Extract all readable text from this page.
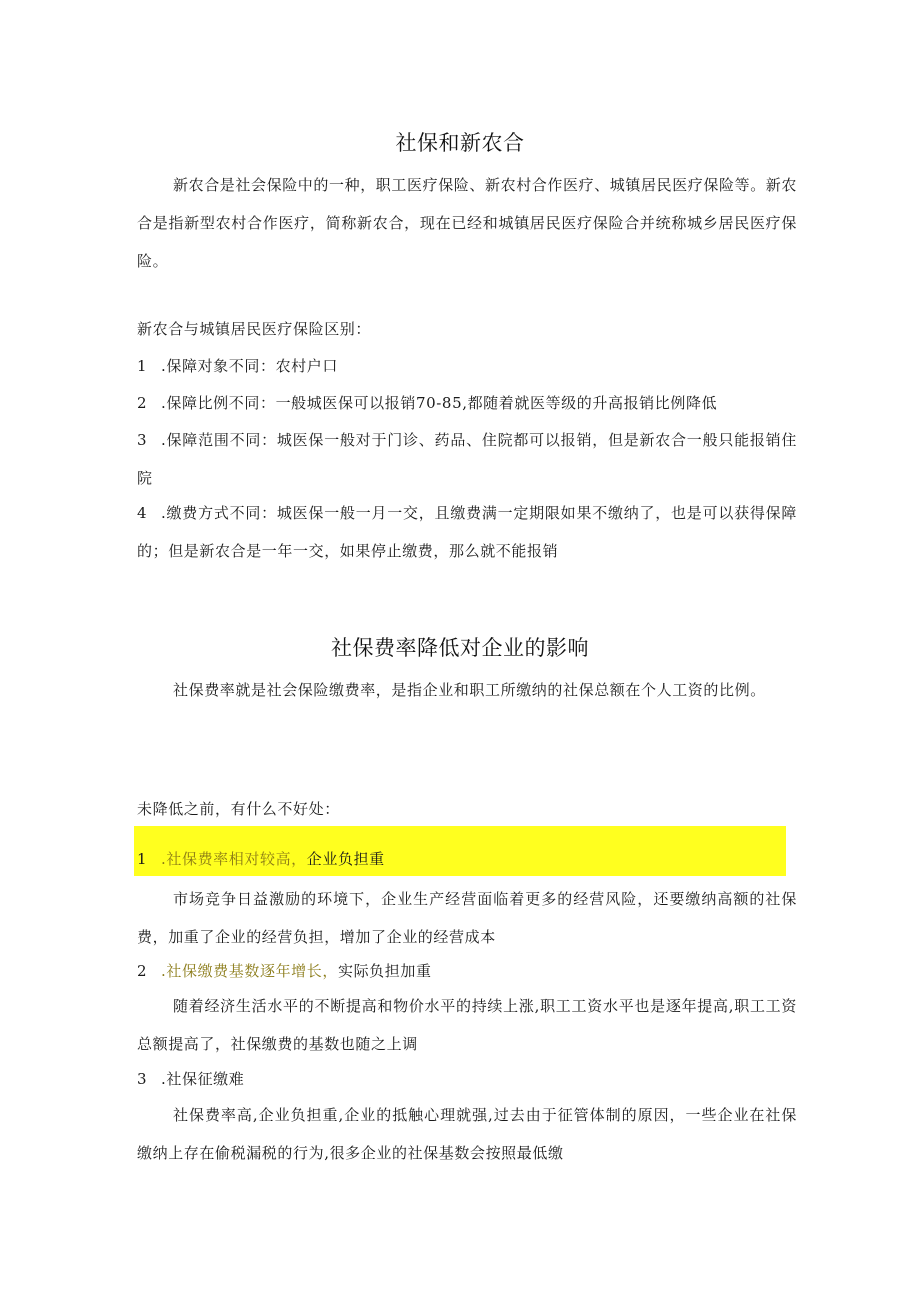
社保和新农合

新农合是社会保险中的一种，职工医疗保险、新农村合作医疗、城镇居民医疗保险等。新农合是指新型农村合作医疗，简称新农合，现在已经和城镇居民医疗保险合并统称城乡居民医疗保险。

新农合与城镇居民医疗保险区别：

1 .保障对象不同：农村户口

2 .保障比例不同：一般城医保可以报销70-85,都随着就医等级的升高报销比例降低

3 .保障范围不同：城医保一般对于门诊、药品、住院都可以报销，但是新农合一般只能报销住院

4 .缴费方式不同：城医保一般一月一交，且缴费满一定期限如果不缴纳了，也是可以获得保障的；但是新农合是一年一交，如果停止缴费，那么就不能报销

社保费率降低对企业的影响

社保费率就是社会保险缴费率，是指企业和职工所缴纳的社保总额在个人工资的比例。

未降低之前，有什么不好处：

1 .社保费率相对较高，企业负担重

市场竞争日益激励的环境下，企业生产经营面临着更多的经营风险，还要缴纳高额的社保费，加重了企业的经营负担，增加了企业的经营成本

2 .社保缴费基数逐年增长，实际负担加重

随着经济生活水平的不断提高和物价水平的持续上涨,职工工资水平也是逐年提高,职工工资总额提高了，社保缴费的基数也随之上调

3 .社保征缴难

社保费率高,企业负担重,企业的抵触心理就强,过去由于征管体制的原因，一些企业在社保缴纳上存在偷税漏税的行为,很多企业的社保基数会按照最低缴
